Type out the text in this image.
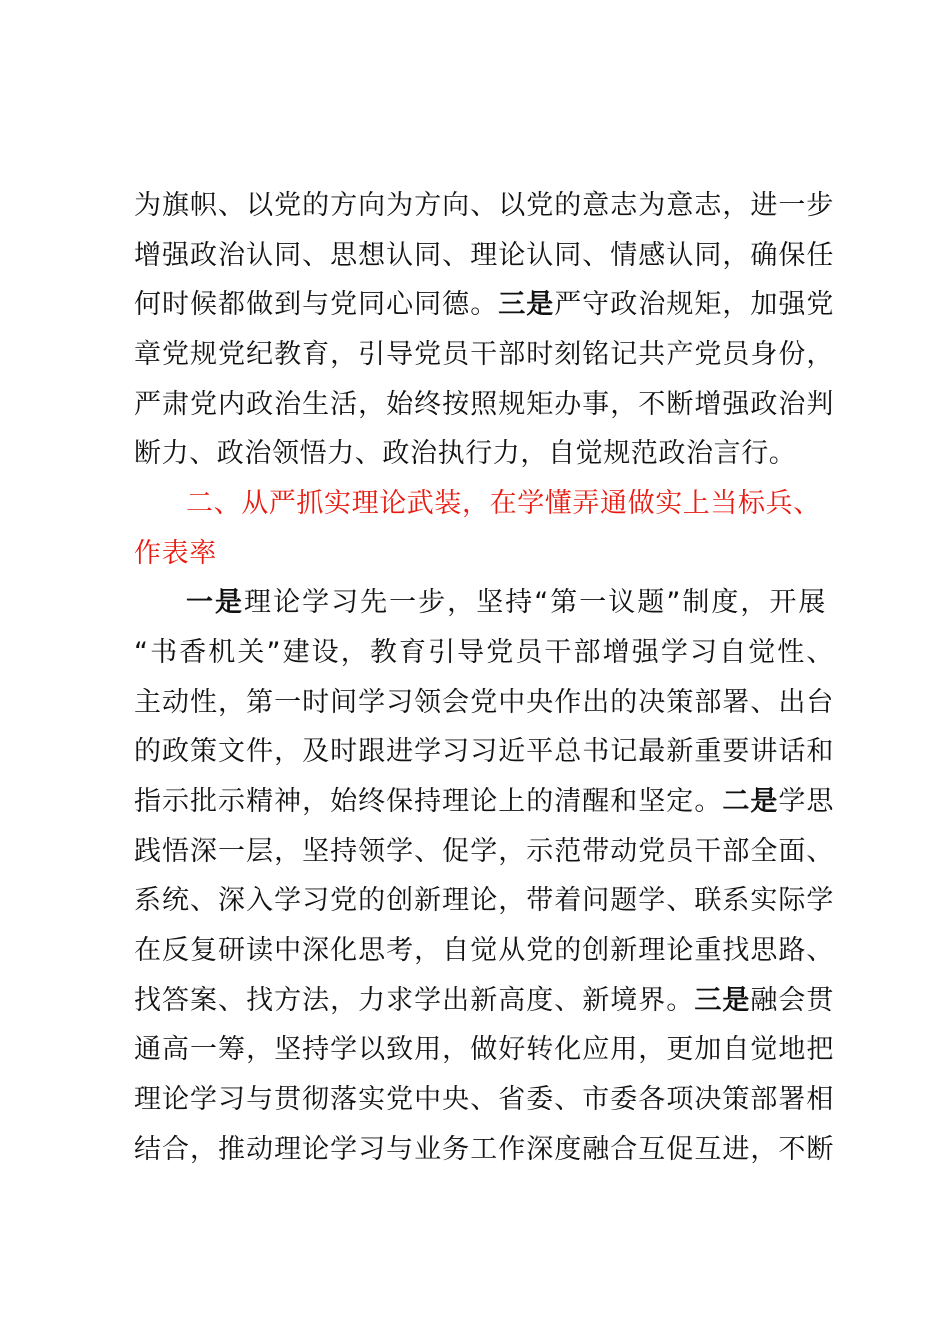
为旗帜、以党的方向为方向、以党的意志为意志，进一步
增强政治认同、思想认同、理论认同、情感认同，确保任
何时候都做到与党同心同德。三是严守政治规矩，加强党
章党规党纪教育，引导党员干部时刻铭记共产党员身份，
严肃党内政治生活，始终按照规矩办事，不断增强政治判
断力、政治领悟力、政治执行力，自觉规范政治言行。
二、从严抓实理论武装，在学懂弄通做实上当标兵、
作表率
一是理论学习先一步，坚持“第一议题”制度，开展
“书香机关”建设，教育引导党员干部增强学习自觉性、
主动性，第一时间学习领会党中央作出的决策部署、出台
的政策文件，及时跟进学习习近平总书记最新重要讲话和
指示批示精神，始终保持理论上的清醒和坚定。二是学思
践悟深一层，坚持领学、促学，示范带动党员干部全面、
系统、深入学习党的创新理论，带着问题学、联系实际学
在反复研读中深化思考，自觉从党的创新理论重找思路、
找答案、找方法，力求学出新高度、新境界。三是融会贯
通高一筹，坚持学以致用，做好转化应用，更加自觉地把
理论学习与贯彻落实党中央、省委、市委各项决策部署相
结合，推动理论学习与业务工作深度融合互促互进，不断
